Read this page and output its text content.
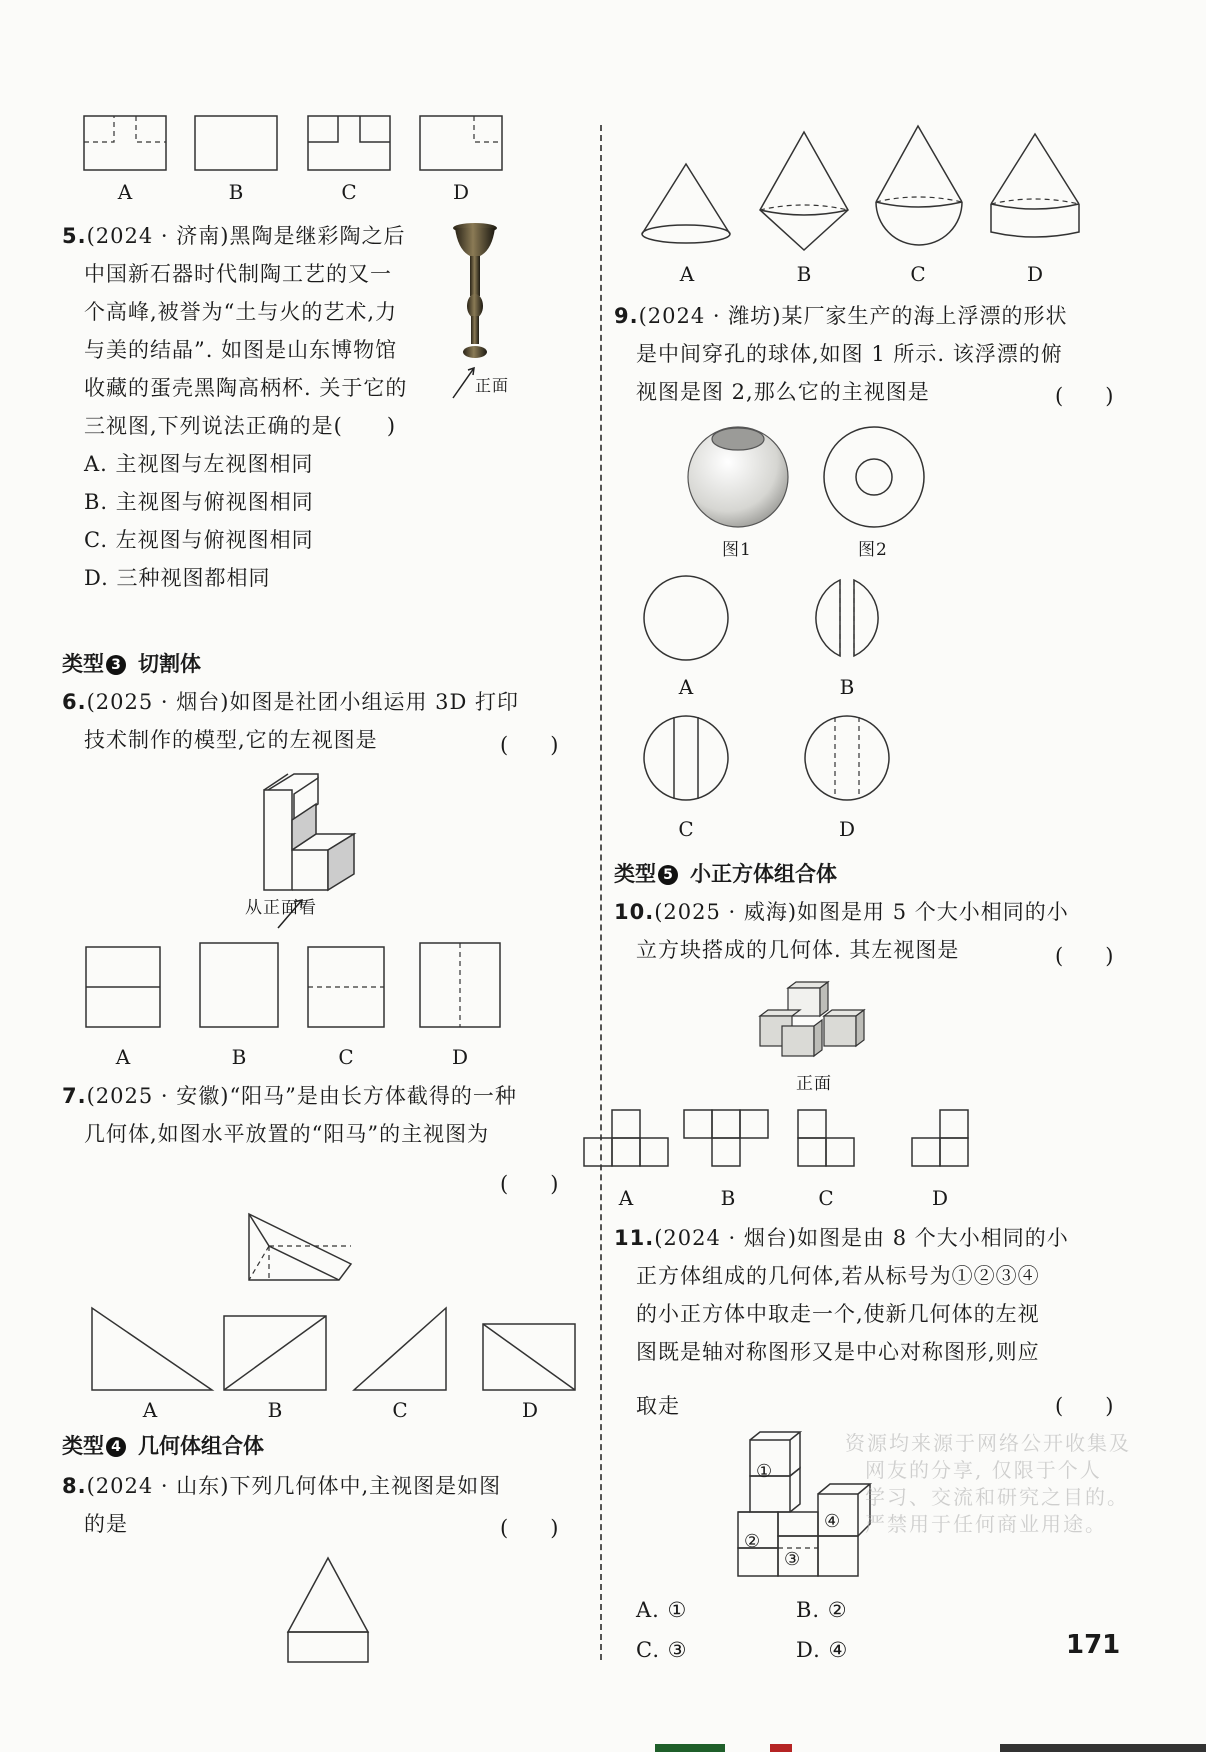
A	B	C	D
5.(2024 · 济南)黑陶是继彩陶之后
中国新石器时代制陶工艺的又一
个高峰,被誉为“土与火的艺术,力
与美的结晶”. 如图是山东博物馆
收藏的蛋壳黑陶高柄杯. 关于它的
三视图,下列说法正确的是(　　)
正面
A. 主视图与左视图相同
B. 主视图与俯视图相同
C. 左视图与俯视图相同
D. 三种视图都相同
类型 3 切割体
6.(2025 · 烟台)如图是社团小组运用 3D 打印
技术制作的模型,它的左视图是	(　　)
从正面看
A	B	C	D
7.(2025 · 安徽)“阳马”是由长方体截得的一种
几何体,如图水平放置的“阳马”的主视图为
(　　)
A	B	C	D
类型 4 几何体组合体
8.(2024 · 山东)下列几何体中,主视图是如图
的是	(　　)
A	B	C	D
9.(2024 · 潍坊)某厂家生产的海上浮漂的形状
是中间穿孔的球体,如图 1 所示. 该浮漂的俯
视图是图 2,那么它的主视图是	(　　)
图1	图2
A	B
C	D
类型 5 小正方体组合体
10.(2025 · 威海)如图是用 5 个大小相同的小
立方块搭成的几何体. 其左视图是	(　　)
正面
A	B	C	D
11.(2024 · 烟台)如图是由 8 个大小相同的小
正方体组成的几何体,若从标号为①②③④
的小正方体中取走一个,使新几何体的左视
图既是轴对称图形又是中心对称图形,则应
取走	(　　)
①
②
③
④
A. ①	B. ②
C. ③	D. ④
资源均来源于网络公开收集及
网友的分享, 仅限于个人
学习、交流和研究之目的。
严禁用于任何商业用途。
171
